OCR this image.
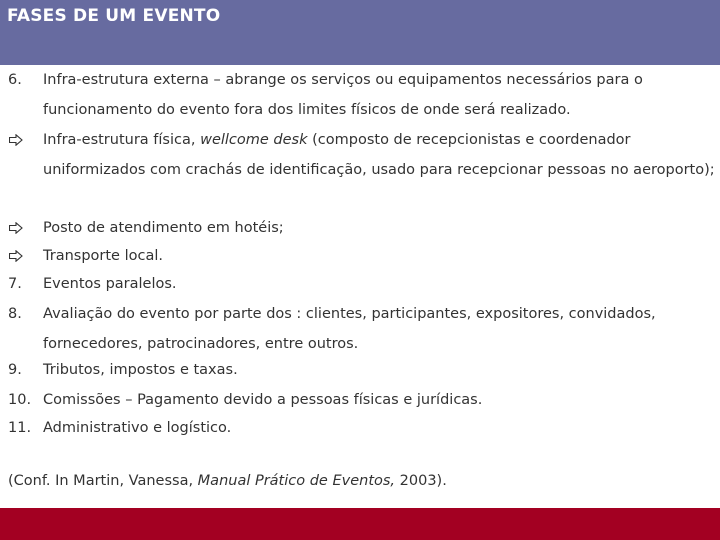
FASES DE UM EVENTO
6.	Infra-estrutura externa – abrange os serviços ou equipamentos necessários para o funcionamento do evento fora dos limites físicos de onde será realizado.
Infra-estrutura física, wellcome desk (composto de recepcionistas e coordenador uniformizados com crachás de identificação, usado para recepcionar pessoas no aeroporto);
Posto de atendimento em hotéis;
Transporte local.
7.	Eventos paralelos.
8.	Avaliação do evento por parte dos : clientes, participantes, expositores, convidados, fornecedores, patrocinadores, entre outros.
9.	Tributos, impostos e taxas.
10. Comissões – Pagamento devido a pessoas físicas e jurídicas.
11. Administrativo e logístico.
(Conf. In Martin, Vanessa, Manual Prático de Eventos, 2003).
